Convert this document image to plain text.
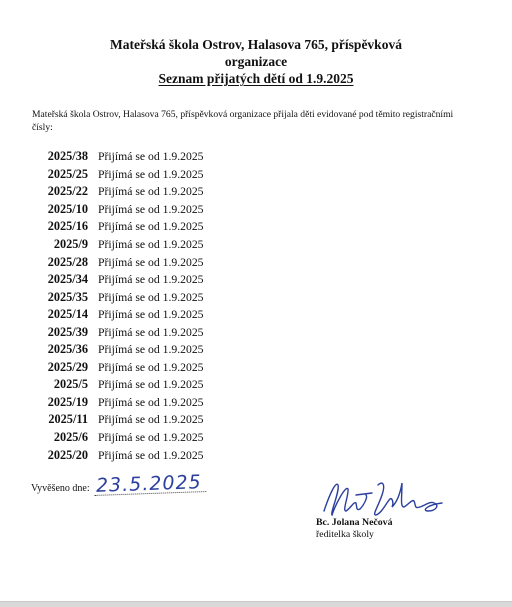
Mateřská škola Ostrov, Halasova 765, příspěvková
organizace
Seznam přijatých dětí od 1.9.2025
Mateřská škola Ostrov, Halasova 765, příspěvková organizace přijala děti evidované pod těmito registračními čísly:
2025/38 Přijímá se od 1.9.2025
2025/25 Přijímá se od 1.9.2025
2025/22 Přijímá se od 1.9.2025
2025/10 Přijímá se od 1.9.2025
2025/16 Přijímá se od 1.9.2025
2025/9 Přijímá se od 1.9.2025
2025/28 Přijímá se od 1.9.2025
2025/34 Přijímá se od 1.9.2025
2025/35 Přijímá se od 1.9.2025
2025/14 Přijímá se od 1.9.2025
2025/39 Přijímá se od 1.9.2025
2025/36 Přijímá se od 1.9.2025
2025/29 Přijímá se od 1.9.2025
2025/5 Přijímá se od 1.9.2025
2025/19 Přijímá se od 1.9.2025
2025/11 Přijímá se od 1.9.2025
2025/6 Přijímá se od 1.9.2025
2025/20 Přijímá se od 1.9.2025
Vyvěšeno dne: 23.5.2025
Bc. Jolana Nečová
ředitelka školy
